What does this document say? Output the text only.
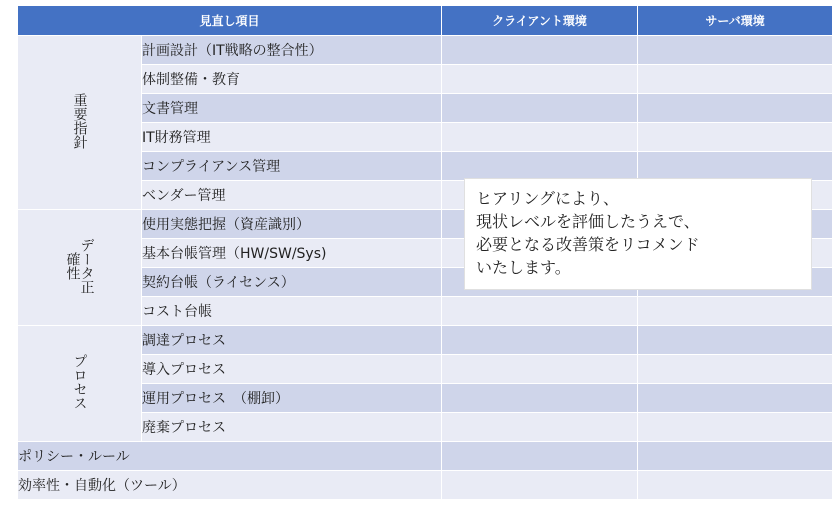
見直し項目		クライアント環境	サーバ環境
重要指針	計画設計（IT戦略の整合性）		
	体制整備・教育		
	文書管理		
	IT財務管理		
	コンプライアンス管理		
	ベンダー管理		
データ正確性	使用実態把握（資産識別）		
	基本台帳管理（HW/SW/Sys)		
	契約台帳（ライセンス）		
	コスト台帳		
プロセス	調達プロセス		
	導入プロセス		
	運用プロセス　（棚卸）		
	廃棄プロセス		
ポリシー・ルール			
効率性・自動化（ツール）			
ヒアリングにより、
現状レベルを評価したうえで、
必要となる改善策をリコメンド
いたします。
